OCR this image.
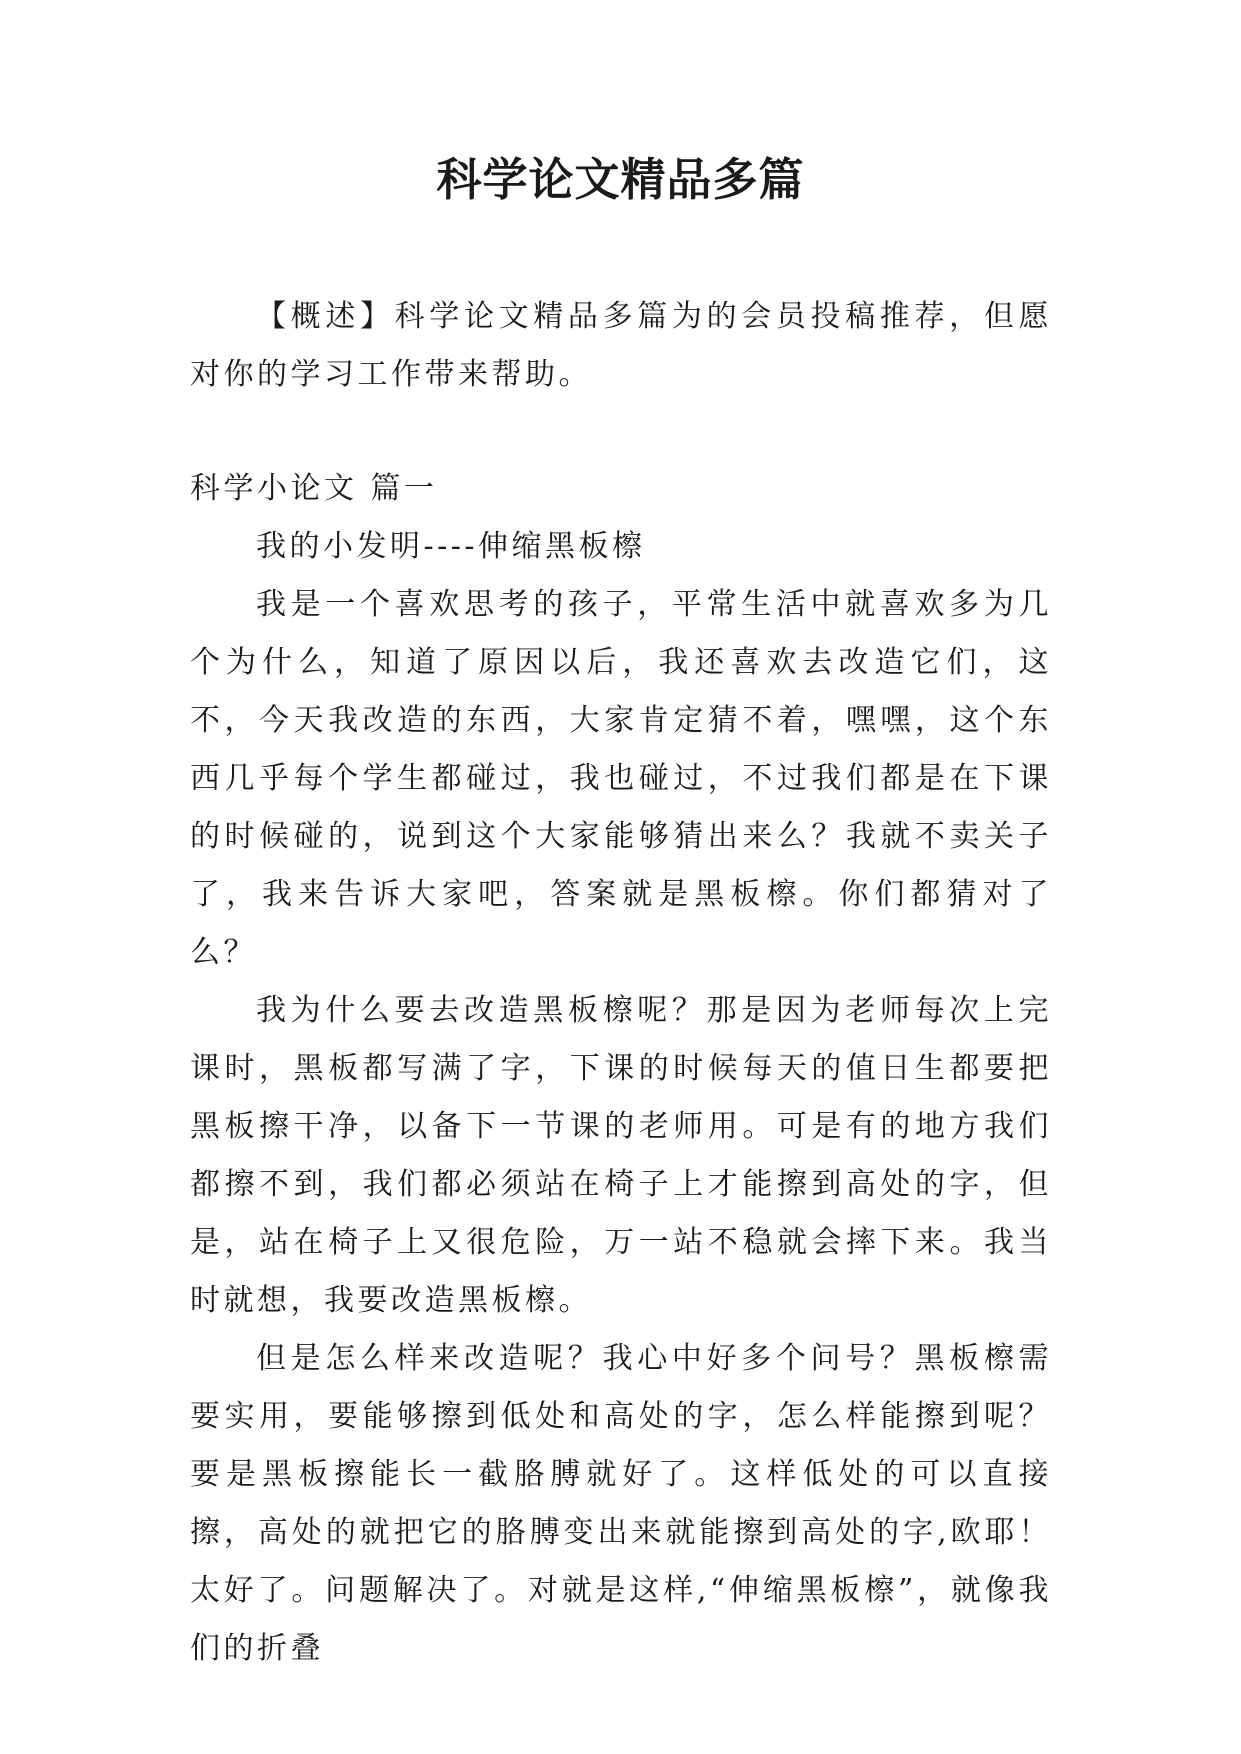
科学论文精品多篇

【概述】科学论文精品多篇为的会员投稿推荐，但愿对你的学习工作带来帮助。

科学小论文 篇一

我的小发明----伸缩黑板檫

我是一个喜欢思考的孩子，平常生活中就喜欢多为几个为什么，知道了原因以后，我还喜欢去改造它们，这不，今天我改造的东西，大家肯定猜不着，嘿嘿，这个东西几乎每个学生都碰过，我也碰过，不过我们都是在下课的时候碰的，说到这个大家能够猜出来么？我就不卖关子了，我来告诉大家吧，答案就是黑板檫。你们都猜对了么？

我为什么要去改造黑板檫呢？那是因为老师每次上完课时，黑板都写满了字，下课的时候每天的值日生都要把黑板擦干净，以备下一节课的老师用。可是有的地方我们都擦不到，我们都必须站在椅子上才能擦到高处的字，但是，站在椅子上又很危险，万一站不稳就会摔下来。我当时就想，我要改造黑板檫。

但是怎么样来改造呢？我心中好多个问号？黑板檫需要实用，要能够擦到低处和高处的字，怎么样能擦到呢？要是黑板擦能长一截胳膊就好了。这样低处的可以直接擦，高处的就把它的胳膊变出来就能擦到高处的字,欧耶！太好了。问题解决了。对就是这样,“伸缩黑板檫”，就像我们的折叠
